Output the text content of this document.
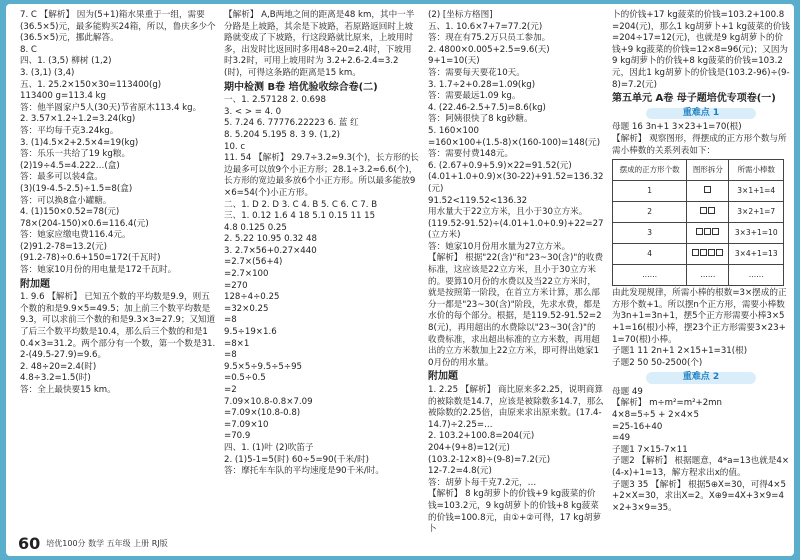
7. C 【解析】 因为(5+1)箱水果重于一组，需要
(36.5×5)元，最多能购买24箱，所以，鲁庆多少个(36.5×5)元，挪此解答。
8. C
四、1. (3,5) 柳树 (1,2)
3. (3,1) (3,4)
五、1. 25.2×150×30=113400(g)
113400 g=113.4 kg
答：他半圆家户5人(30天)节省原木113.4 kg。
2. 3.57×1.2÷1.2=3.24(kg)
答：平均每千克3.24kg。
3. (1)4.5×2+2.5×4=19(kg)
答：乐乐一共给了19 kg粮。
(2)19÷4.5=4.222…(盒)
答：最多可以装4盒。
(3)(19-4.5-2.5)÷1.5=8(盒)
答：可以换8盒小罐糖。
4. (1)150×0.52=78(元)
78×(204-150)×0.6=116.4(元)
答：她家应缴电费116.4元。
(2)91.2-78=13.2(元)
(91.2-78)÷0.6+150=172(千瓦时)
答：她家10月份的用电量是172千瓦时。
附加题
1. 9.6 【解析】 已知五个数的平均数是9.9，则五个数的和是9.9×5=49.5；加上前三个数平均数是9.3，可以求前三个数的和是9.3×3=27.9；又知道了后三个数平均数是10.4，那么后三个数的和是10.4×3=31.2。两个部分有一个数，第一个数是31.2-(49.5-27.9)=9.6。
2. 48÷20=2.4(时)
4.8÷3.2=1.5(时)
答：全上最快要15 km。
【解析】 A,B两地之间的距离是48 km，其中一半分路是上坡路，其余是下坡路，若原路返回时上坡路就变成了下坡路，行这段路就比原来，上坡用时多，出发时比返回时多用48÷20=2.4时，下坡用时3.2时，可用上坡用时为 3.2+2.6-2.4=3.2(时)，可得这条路的距离是15 km。
期中检测 B卷 培优验收综合卷(二)
一、1. 2.57128 2. 0.698
3. < > = 4. 0
5. 7.24 6. 77776.22223 6. 蓝 红
8. 5.204 5.195 8. 3 9. (1,2)
10. c
11. 54 【解析】 29.7÷3.2≈9.3(个)，长方形的长边最多可以放9个小正方形；28.1÷3.2≈6.6(个)，长方形的宽边最多放6个小正方形。所以最多能放9×6=54(个)小正方形。
二、1. D 2. D 3. C 4. B 5. C 6. C 7. B
三、1. 0.12 1.6 4 18 5.1 0.15 11 15
4.8 0.125 0.25
2. 5.22 10.95 0.32 48
3. 2.7×56+0.27×440
=2.7×(56+4)
=2.7×100
=270
128÷4÷0.25
=32×0.25
=8
9.5÷19×1.6
=8×1
=8
9.5×5÷9.5÷5÷95
=0.5÷0.5
=2
7.09×10.8-0.8×7.09
=7.09×(10.8-0.8)
=7.09×10
=70.9
四、1. (1)叶 (2)吹笛子
2. (1)5-1=5(时) 60÷5=90(千米/时)
答：摩托车车队的平均速度是90千米/时。
(2) [坐标方格图]
五、1. 10.6×7+7=77.2(元)
答：现在有75.2万只员工参加。
2. 4800×0.005+2.5=9.6(天)
9+1=10(天)
答：需要每天要花10天。
3. 1.7÷2+0.28=1.09(kg)
答：需要最远1.09 kg。
4. (22.46-2.5+7.5)=8.6(kg)
答：阿姨很快了8 kg砂糖。
5. 160×100
=160×100+(1.5-8)×(160-100)=148(元)
答：需要付费148元。
6. (2.67+0.9+5.9)×22=91.52(元)
(4.01+1.0+0.9)×(30-22)+91.52=136.32(元)
91.52<119.52<136.32
用水量大于22立方米，且小于30立方米。
(119.52-91.52)÷(4.01+1.0+0.9)+22=27(立方米)
答：她家10月份用水量为27立方米。
【解析】 根据"22(含)"和"23~30(含)"的收费标准，这应该是22立方米，且小于30立方米的。要算10月份的水费以及当22立方米时，就是按照第一阶段，在首立方米计算，那么部分一都是"23~30(含)"阶段，先求水费，都是水价的每个部分。根据，是119.52-91.52=28(元)，再用超出的水费除以"23~30(含)"的收费标准，求出超出标准的立方米数，再用超出的立方米数加上22立方米，即可得出她家10月份的用水量。
附加题
1. 2.25 【解析】 商比原来多2.25，说明商算的被除数是14.7，应该是被除数多14.7，那么被除数的2.25倍，由原来求出原来数。(17.4-14.7)÷2.25=…
2. 103.2+100.8=204(元)
204+(9+8)=12(元)
(103.2-12×8)÷(9-8)=7.2(元)
12-7.2=4.8(元)
答：胡萝卜每千克7.2元，…
【解析】 8 kg胡萝卜的价钱+9 kg菠菜的价钱=103.2元，9 kg胡萝卜的价钱+8 kg菠菜的价钱=100.8元，由①+②可得，17 kg胡萝卜
卜的价钱+17 kg菠菜的价钱=103.2+100.8=204(元)，那么1 kg胡萝卜+1 kg菠菜的价钱=204÷17=12(元)，也就是9 kg胡萝卜的价钱+9 kg菠菜的价钱=12×8=96(元)；又因为9 kg胡萝卜的价钱+8 kg菠菜的价钱=103.2元，因此1 kg胡萝卜的价钱是(103.2-96)÷(9-8)=7.2(元)
第五单元 A卷 母子题培优专项卷(一)
重难点 1
母题 16 3n+1 3×23+1=70(根)
【解析】 观察图形，得摆成的正方形个数与所需小棒数的关系列表如下：
摆成的正方形个数	图形拆分	所需小棒数
1		3×1+1=4
2		3×2+1=7
3		3×3+1=10
4		3×4+1=13
……	……	……
由此发现规律，所需小棒的根数=3×摆成的正方形个数+1。所以摆n个正方形，需要小棒数为3n+1=3n+1，摆5个正方形需要小棒3×5+1=16(根)小棒，摆23个正方形需要3×23+1=70(根)小棒。
子题1 11 2n+1 2×15+1=31(根)
子题2 50 50-2500(个)
重难点 2
母题 49
【解析】 m÷m²=m²+2mn
4×8=5÷5 + 2×4×5
=25-16+40
=49
子题1 7×15-7×11
子题2 【解析】 根据题意，4*a=13也就是4×(4-x)+1=13，解方程求出x的值。
子题3 35 【解析】 根据5⊕X=30，可得4×5+2×X=30，求出X=2。X⊕9=4X+3×9=4×2+3×9=35。
60 培优100分 数学 五年级 上册 RJ版
